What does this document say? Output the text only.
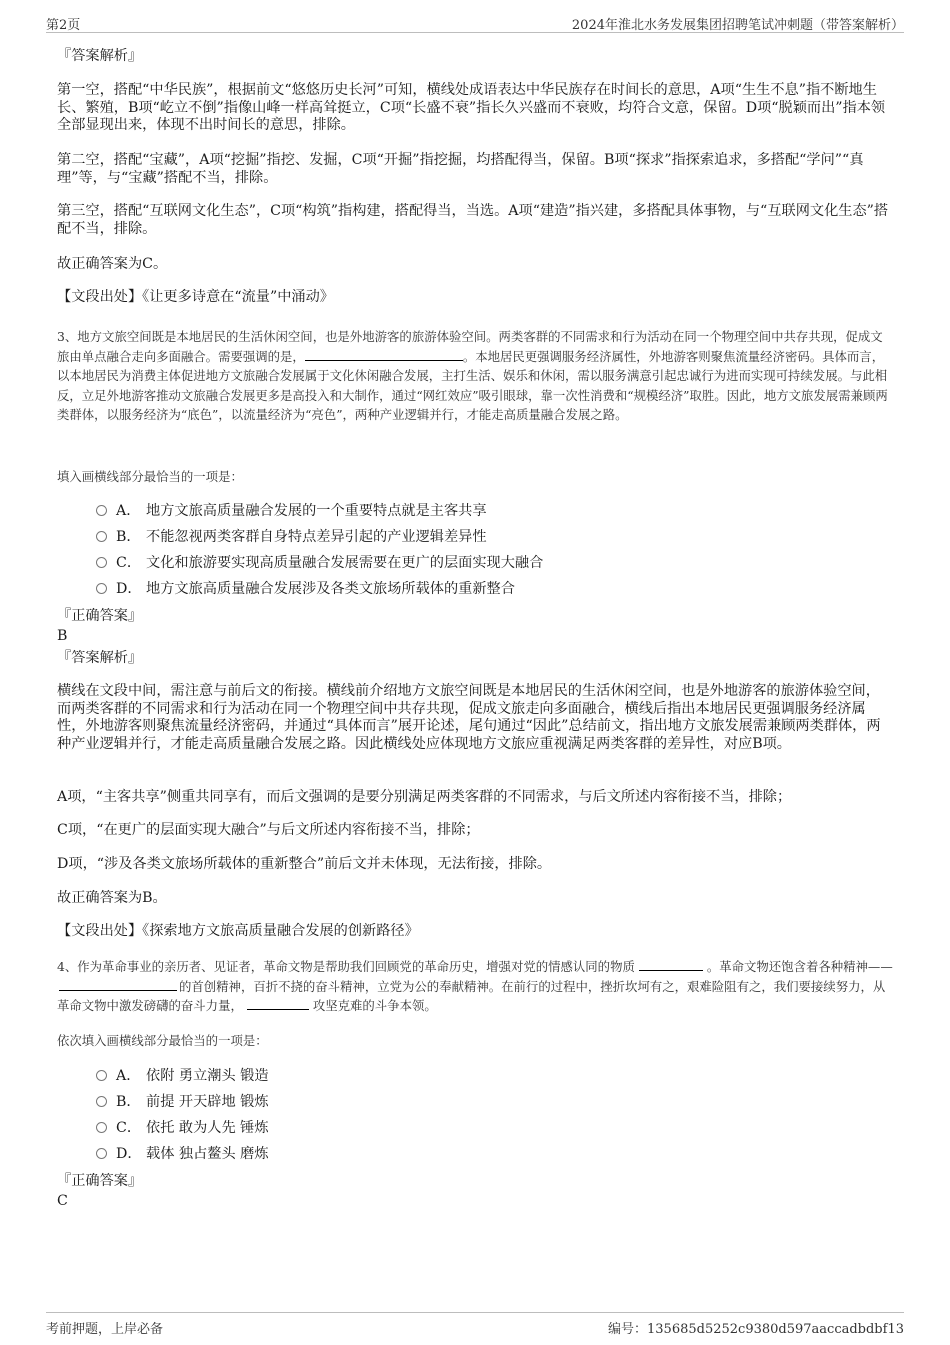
第2页	2024年淮北水务发展集团招聘笔试冲刺题（带答案解析）
『答案解析』
第一空，搭配“中华民族”，根据前文“悠悠历史长河”可知，横线处成语表达中华民族存在时间长的意思，A项“生生不息”指不断地生长、繁殖，B项“屹立不倒”指像山峰一样高耸挺立，C项“长盛不衰”指长久兴盛而不衰败，均符合文意，保留。D项“脱颖而出”指本领全部显现出来，体现不出时间长的意思，排除。
第二空，搭配“宝藏”，A项“挖掘”指挖、发掘，C项“开掘”指挖掘，均搭配得当，保留。B项“探求”指探索追求，多搭配“学问”“真理”等，与“宝藏”搭配不当，排除。
第三空，搭配“互联网文化生态”，C项“构筑”指构建，搭配得当，当选。A项“建造”指兴建，多搭配具体事物，与“互联网文化生态”搭配不当，排除。
故正确答案为C。
【文段出处】《让更多诗意在“流量”中涌动》
3、地方文旅空间既是本地居民的生活休闲空间，也是外地游客的旅游体验空间。两类客群的不同需求和行为活动在同一个物理空间中共存共现，促成文旅由单点融合走向多面融合。需要强调的是，	。本地居民更强调服务经济属性，外地游客则聚焦流量经济密码。具体而言，以本地居民为消费主体促进地方文旅融合发展属于文化休闲融合发展，主打生活、娱乐和休闲，需以服务满意引起忠诚行为进而实现可持续发展。与此相反，立足外地游客推动文旅融合发展更多是高投入和大制作，通过“网红效应”吸引眼球，靠一次性消费和“规模经济”取胜。因此，地方文旅发展需兼顾两类群体，以服务经济为“底色”，以流量经济为“亮色”，两种产业逻辑并行，才能走高质量融合发展之路。
填入画横线部分最恰当的一项是：
A． 地方文旅高质量融合发展的一个重要特点就是主客共享
B． 不能忽视两类客群自身特点差异引起的产业逻辑差异性
C． 文化和旅游要实现高质量融合发展需要在更广的层面实现大融合
D． 地方文旅高质量融合发展涉及各类文旅场所载体的重新整合
『正确答案』
B
『答案解析』
横线在文段中间，需注意与前后文的衔接。横线前介绍地方文旅空间既是本地居民的生活休闲空间，也是外地游客的旅游体验空间，而两类客群的不同需求和行为活动在同一个物理空间中共存共现，促成文旅走向多面融合，横线后指出本地居民更强调服务经济属性，外地游客则聚焦流量经济密码，并通过“具体而言”展开论述，尾句通过“因此”总结前文，指出地方文旅发展需兼顾两类群体，两种产业逻辑并行，才能走高质量融合发展之路。因此横线处应体现地方文旅应重视满足两类客群的差异性，对应B项。
A项，“主客共享”侧重共同享有，而后文强调的是要分别满足两类客群的不同需求，与后文所述内容衔接不当，排除；
C项，“在更广的层面实现大融合”与后文所述内容衔接不当，排除；
D项，“涉及各类文旅场所载体的重新整合”前后文并未体现，无法衔接，排除。
故正确答案为B。
【文段出处】《探索地方文旅高质量融合发展的创新路径》
4、作为革命事业的亲历者、见证者，革命文物是帮助我们回顾党的革命历史，增强对党的情感认同的物质	。革命文物还饱含着各种精神——的首创精神，百折不挠的奋斗精神，立党为公的奉献精神。在前行的过程中，挫折坎坷有之，艰难险阻有之，我们要接续努力，从革命文物中激发磅礴的奋斗力量，	攻坚克难的斗争本领。
依次填入画横线部分最恰当的一项是：
A． 依附 勇立潮头 锻造
B． 前提 开天辟地 锻炼
C． 依托 敢为人先 锤炼
D． 载体 独占鳌头 磨炼
『正确答案』
C
考前押题，上岸必备	编号：135685d5252c9380d597aaccadbdbf13
